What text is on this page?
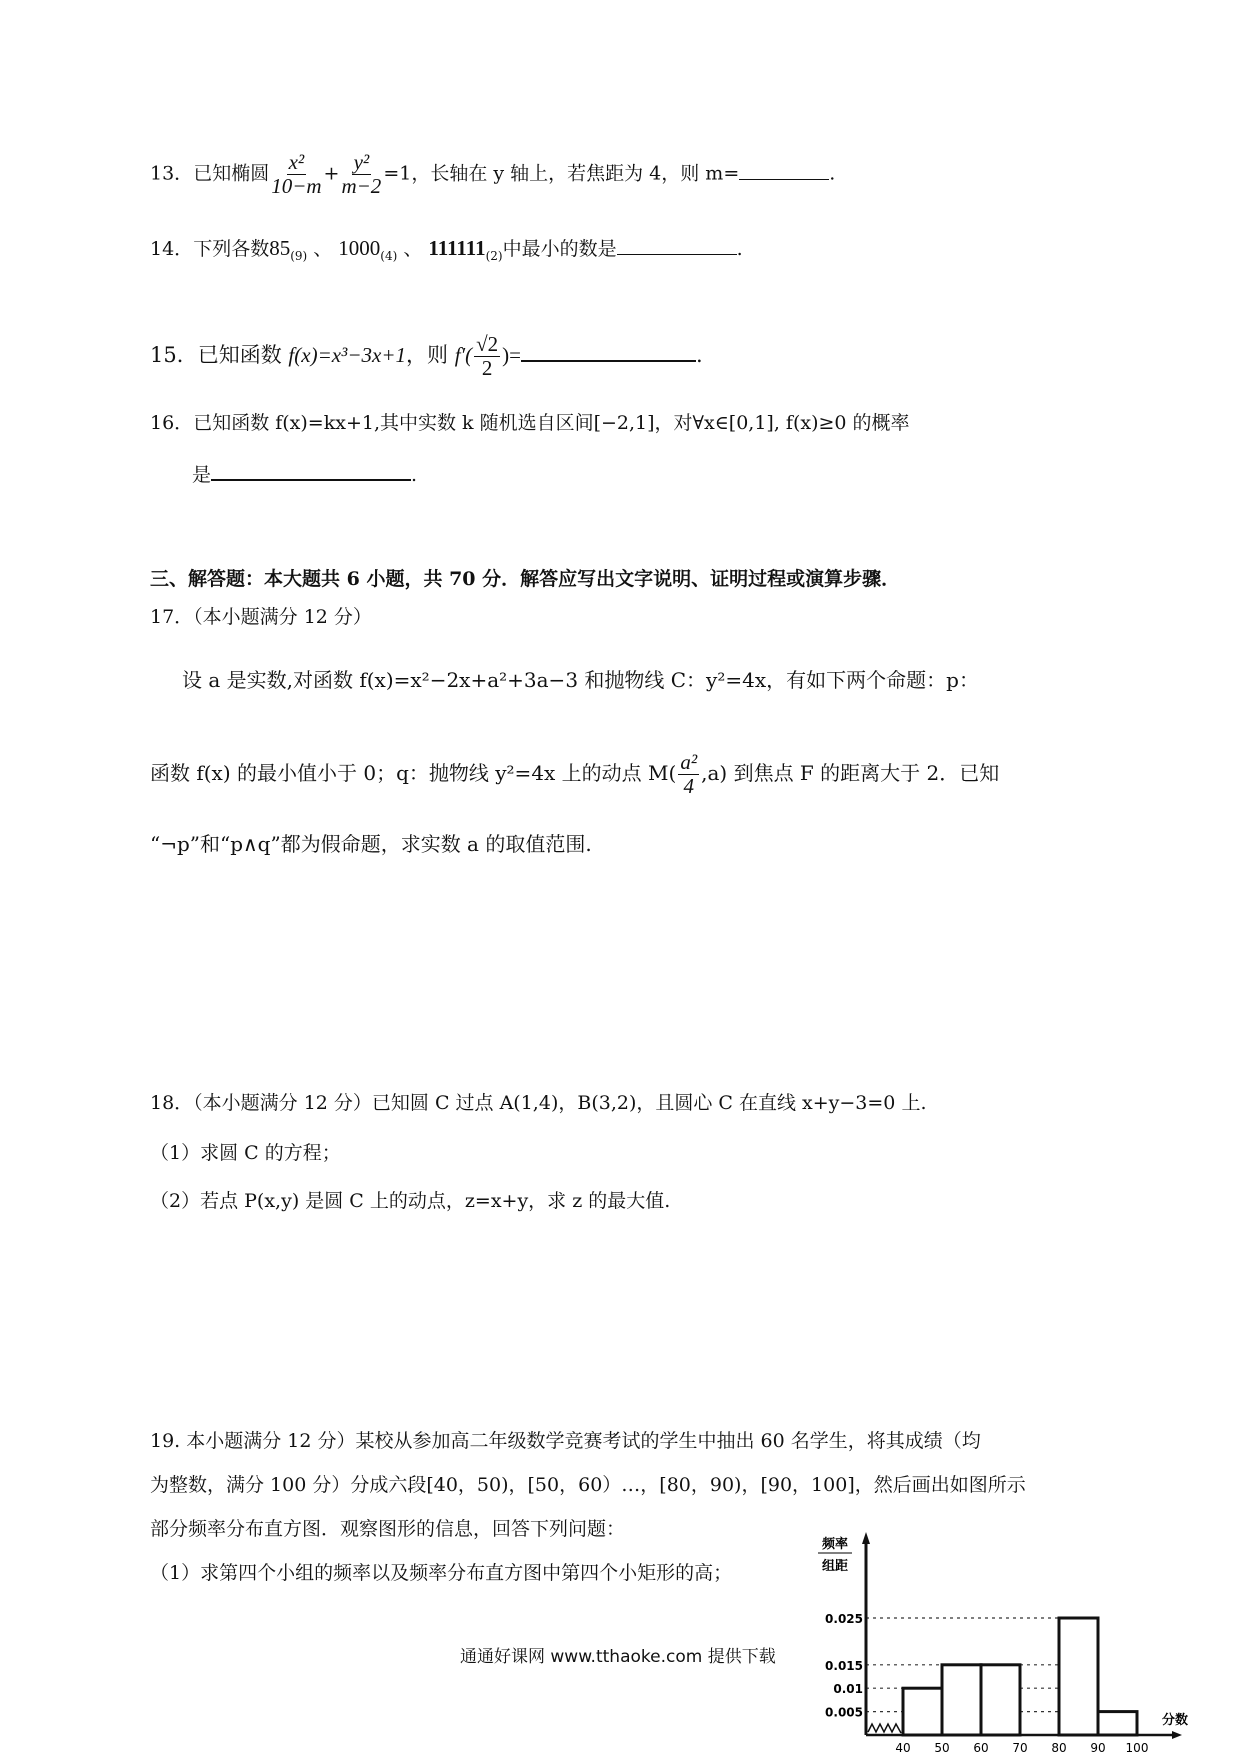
13．已知椭圆 $\frac{\text{x²}}{10-m} + \frac{\text{y²}}{m-2} =1$，长轴在 y 轴上，若焦距为 4，则 m=	.
14．下列各数$85_{(9)}$ 、 $1000_{(4)}$ 、 $111111_{(2)}$中最小的数是	.
15．已知函数 f(x)=x³−3x+1，则 $f'( \frac{√2}{2}$ )=	.
16．已知函数 f(x)=kx+1,其中实数 k 随机选自区间[−2,1]，对∀x∈[0,1], f(x)≥0 的概率
是	.
三、解答题：本大题共 6 小题，共 70 分．解答应写出文字说明、证明过程或演算步骤．
17．（本小题满分 12 分）
设 a 是实数,对函数 f(x)=x²−2x+a²+3a−3 和抛物线 C：y²=4x，有如下两个命题：p：
函数 f(x) 的最小值小于 0；q：抛物线 y²=4x 上的动点 $M( \frac{\text{a²}}{4} ,a)$ 到焦点 F 的距离大于 2．已知
“¬p”和“p∧q”都为假命题，求实数 a 的取值范围.
18．（本小题满分 12 分）已知圆 C 过点 A(1,4)，B(3,2)，且圆心 C 在直线 x+y−3=0 上.
（1）求圆 C 的方程；
（2）若点 P(x,y) 是圆 C 上的动点，z=x+y，求 z 的最大值.
19. 本小题满分 12 分）某校从参加高二年级数学竞赛考试的学生中抽出 60 名学生，将其成绩（均
为整数，满分 100 分）分成六段[40，50)，[50，60）…，[80，90)，[90，100]，然后画出如图所示
部分频率分布直方图．观察图形的信息，回答下列问题：
（1）求第四个小组的频率以及频率分布直方图中第四个小矩形的高；
通通好课网 www.tthaoke.com 提供下载
频率
组距
分数
0.025
0.015
0.01
0.005
40 50 60 70 80 90 100
